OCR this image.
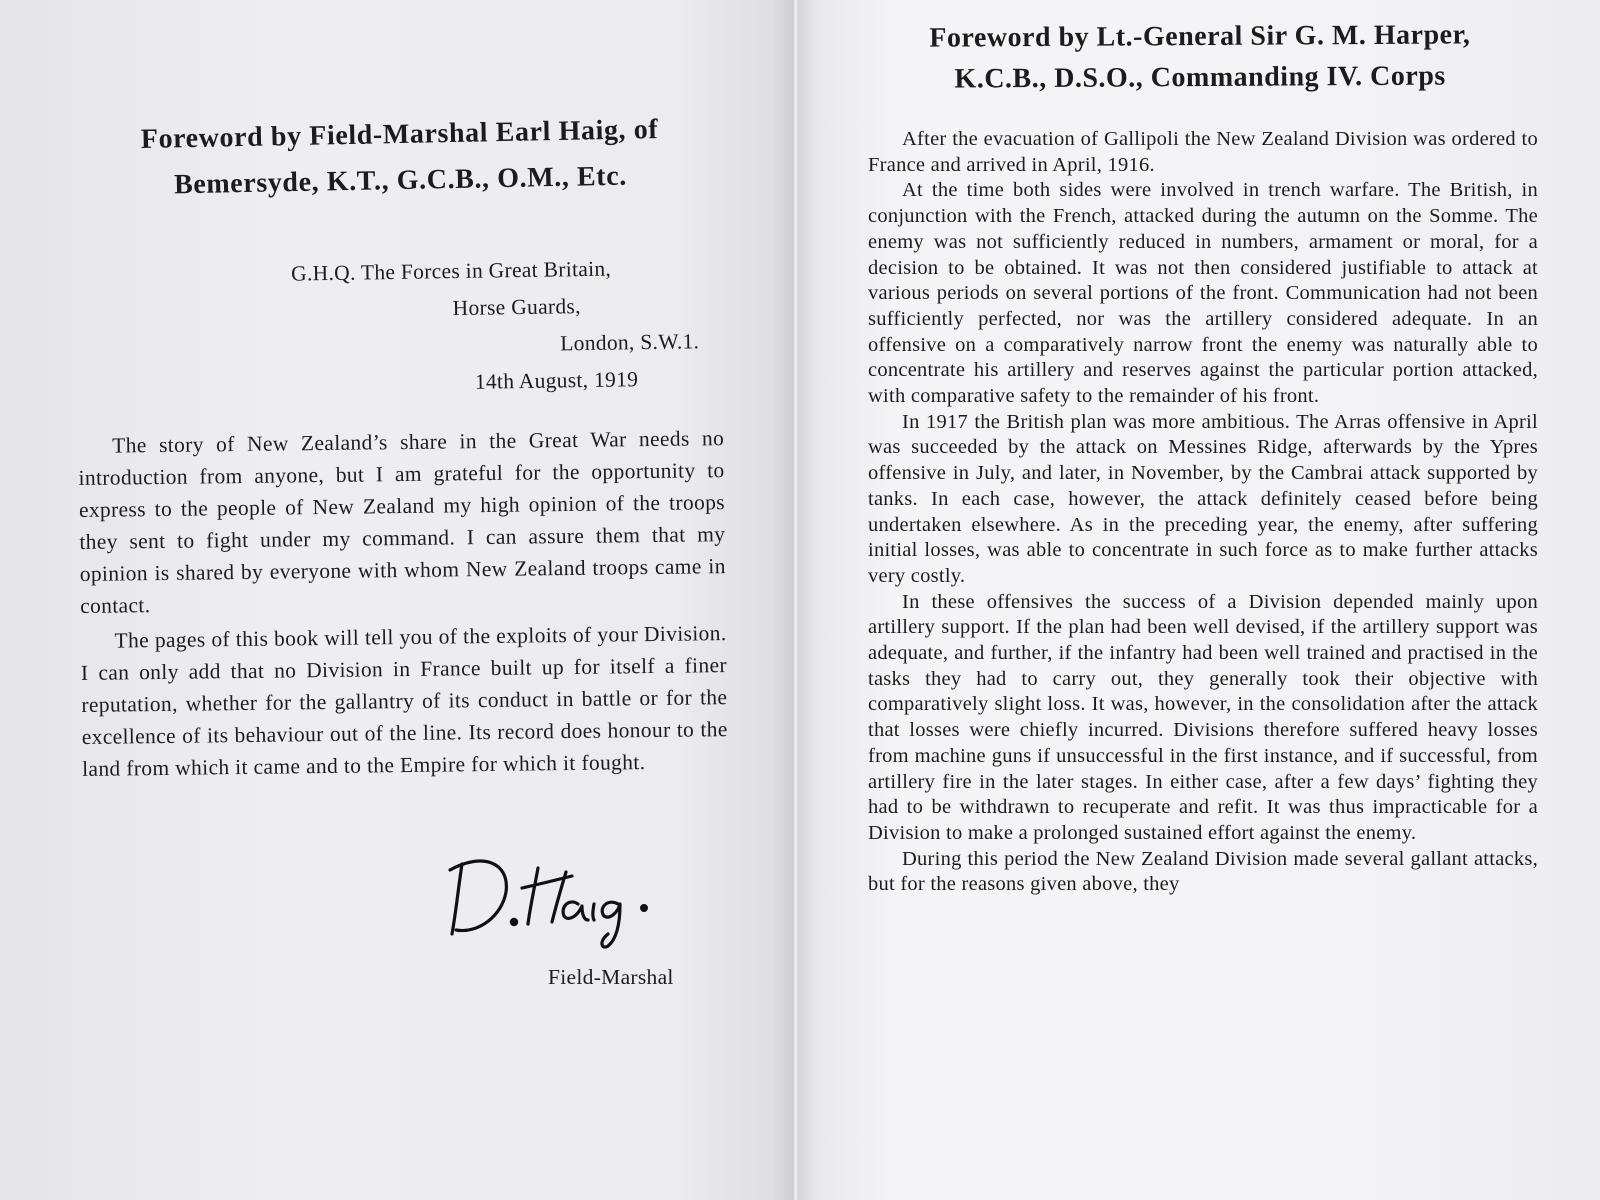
Foreword by Field-Marshal Earl Haig, of
Bemersyde, K.T., G.C.B., O.M., Etc.
G.H.Q. The Forces in Great Britain,
Horse Guards,
London, S.W.1.
14th August, 1919

The story of New Zealand’s share in the Great War needs no introduction from anyone, but I am grateful for the opportunity to express to the people of New Zealand my high opinion of the troops they sent to fight under my command. I can assure them that my opinion is shared by everyone with whom New Zealand troops came in contact.

The pages of this book will tell you of the exploits of your Division. I can only add that no Division in France built up for itself a finer reputation, whether for the gallantry of its conduct in battle or for the excellence of its behaviour out of the line. Its record does honour to the land from which it came and to the Empire for which it fought.

Field-Marshal
Foreword by Lt.-General Sir G. M. Harper,
K.C.B., D.S.O., Commanding IV. Corps

After the evacuation of Gallipoli the New Zealand Division was ordered to France and arrived in April, 1916.

At the time both sides were involved in trench warfare. The British, in conjunction with the French, attacked during the autumn on the Somme. The enemy was not sufficiently reduced in numbers, armament or moral, for a decision to be obtained. It was not then considered justifiable to attack at various periods on several portions of the front. Communication had not been sufficiently perfected, nor was the artillery considered adequate. In an offensive on a comparatively narrow front the enemy was naturally able to concentrate his artillery and reserves against the particular portion attacked, with comparative safety to the remainder of his front.

In 1917 the British plan was more ambitious. The Arras offensive in April was succeeded by the attack on Messines Ridge, afterwards by the Ypres offensive in July, and later, in November, by the Cambrai attack supported by tanks. In each case, however, the attack definitely ceased before being undertaken elsewhere. As in the preceding year, the enemy, after suffering initial losses, was able to concentrate in such force as to make further attacks very costly.

In these offensives the success of a Division depended mainly upon artillery support. If the plan had been well devised, if the artillery support was adequate, and further, if the infantry had been well trained and practised in the tasks they had to carry out, they generally took their objective with comparatively slight loss. It was, however, in the consolidation after the attack that losses were chiefly incurred. Divisions therefore suffered heavy losses from machine guns if unsuccessful in the first instance, and if successful, from artillery fire in the later stages. In either case, after a few days’ fighting they had to be withdrawn to recuperate and refit. It was thus impracticable for a Division to make a prolonged sustained effort against the enemy.

During this period the New Zealand Division made several gallant attacks, but for the reasons given above, they
